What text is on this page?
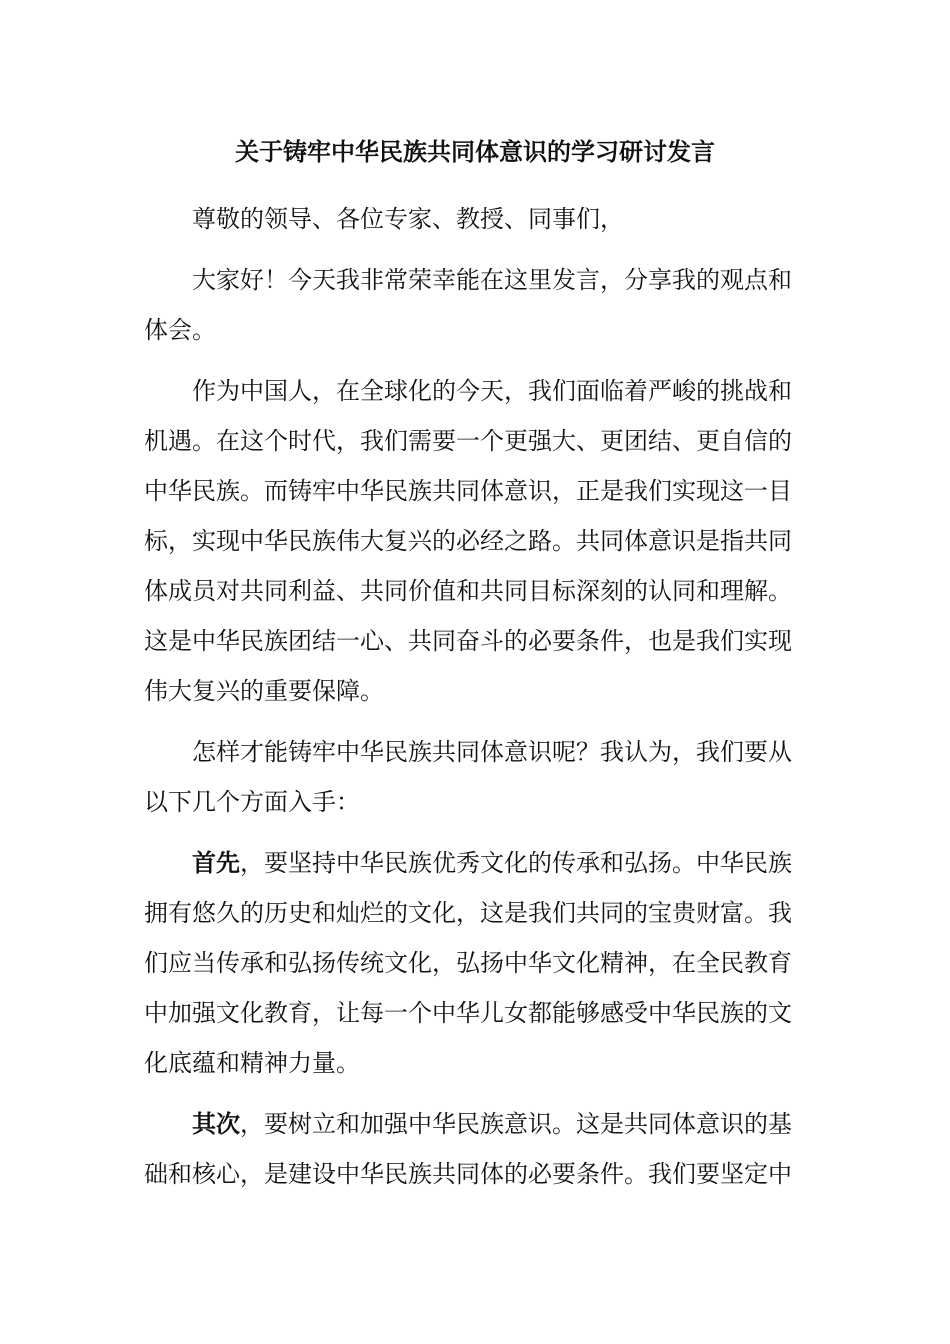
关于铸牢中华民族共同体意识的学习研讨发言

尊敬的领导、各位专家、教授、同事们，

大家好！今天我非常荣幸能在这里发言，分享我的观点和体会。

作为中国人，在全球化的今天，我们面临着严峻的挑战和机遇。在这个时代，我们需要一个更强大、更团结、更自信的中华民族。而铸牢中华民族共同体意识，正是我们实现这一目标，实现中华民族伟大复兴的必经之路。共同体意识是指共同体成员对共同利益、共同价值和共同目标深刻的认同和理解。这是中华民族团结一心、共同奋斗的必要条件，也是我们实现伟大复兴的重要保障。

怎样才能铸牢中华民族共同体意识呢？我认为，我们要从以下几个方面入手：

首先，要坚持中华民族优秀文化的传承和弘扬。中华民族拥有悠久的历史和灿烂的文化，这是我们共同的宝贵财富。我们应当传承和弘扬传统文化，弘扬中华文化精神，在全民教育中加强文化教育，让每一个中华儿女都能够感受中华民族的文化底蕴和精神力量。

其次，要树立和加强中华民族意识。这是共同体意识的基础和核心，是建设中华民族共同体的必要条件。我们要坚定中
